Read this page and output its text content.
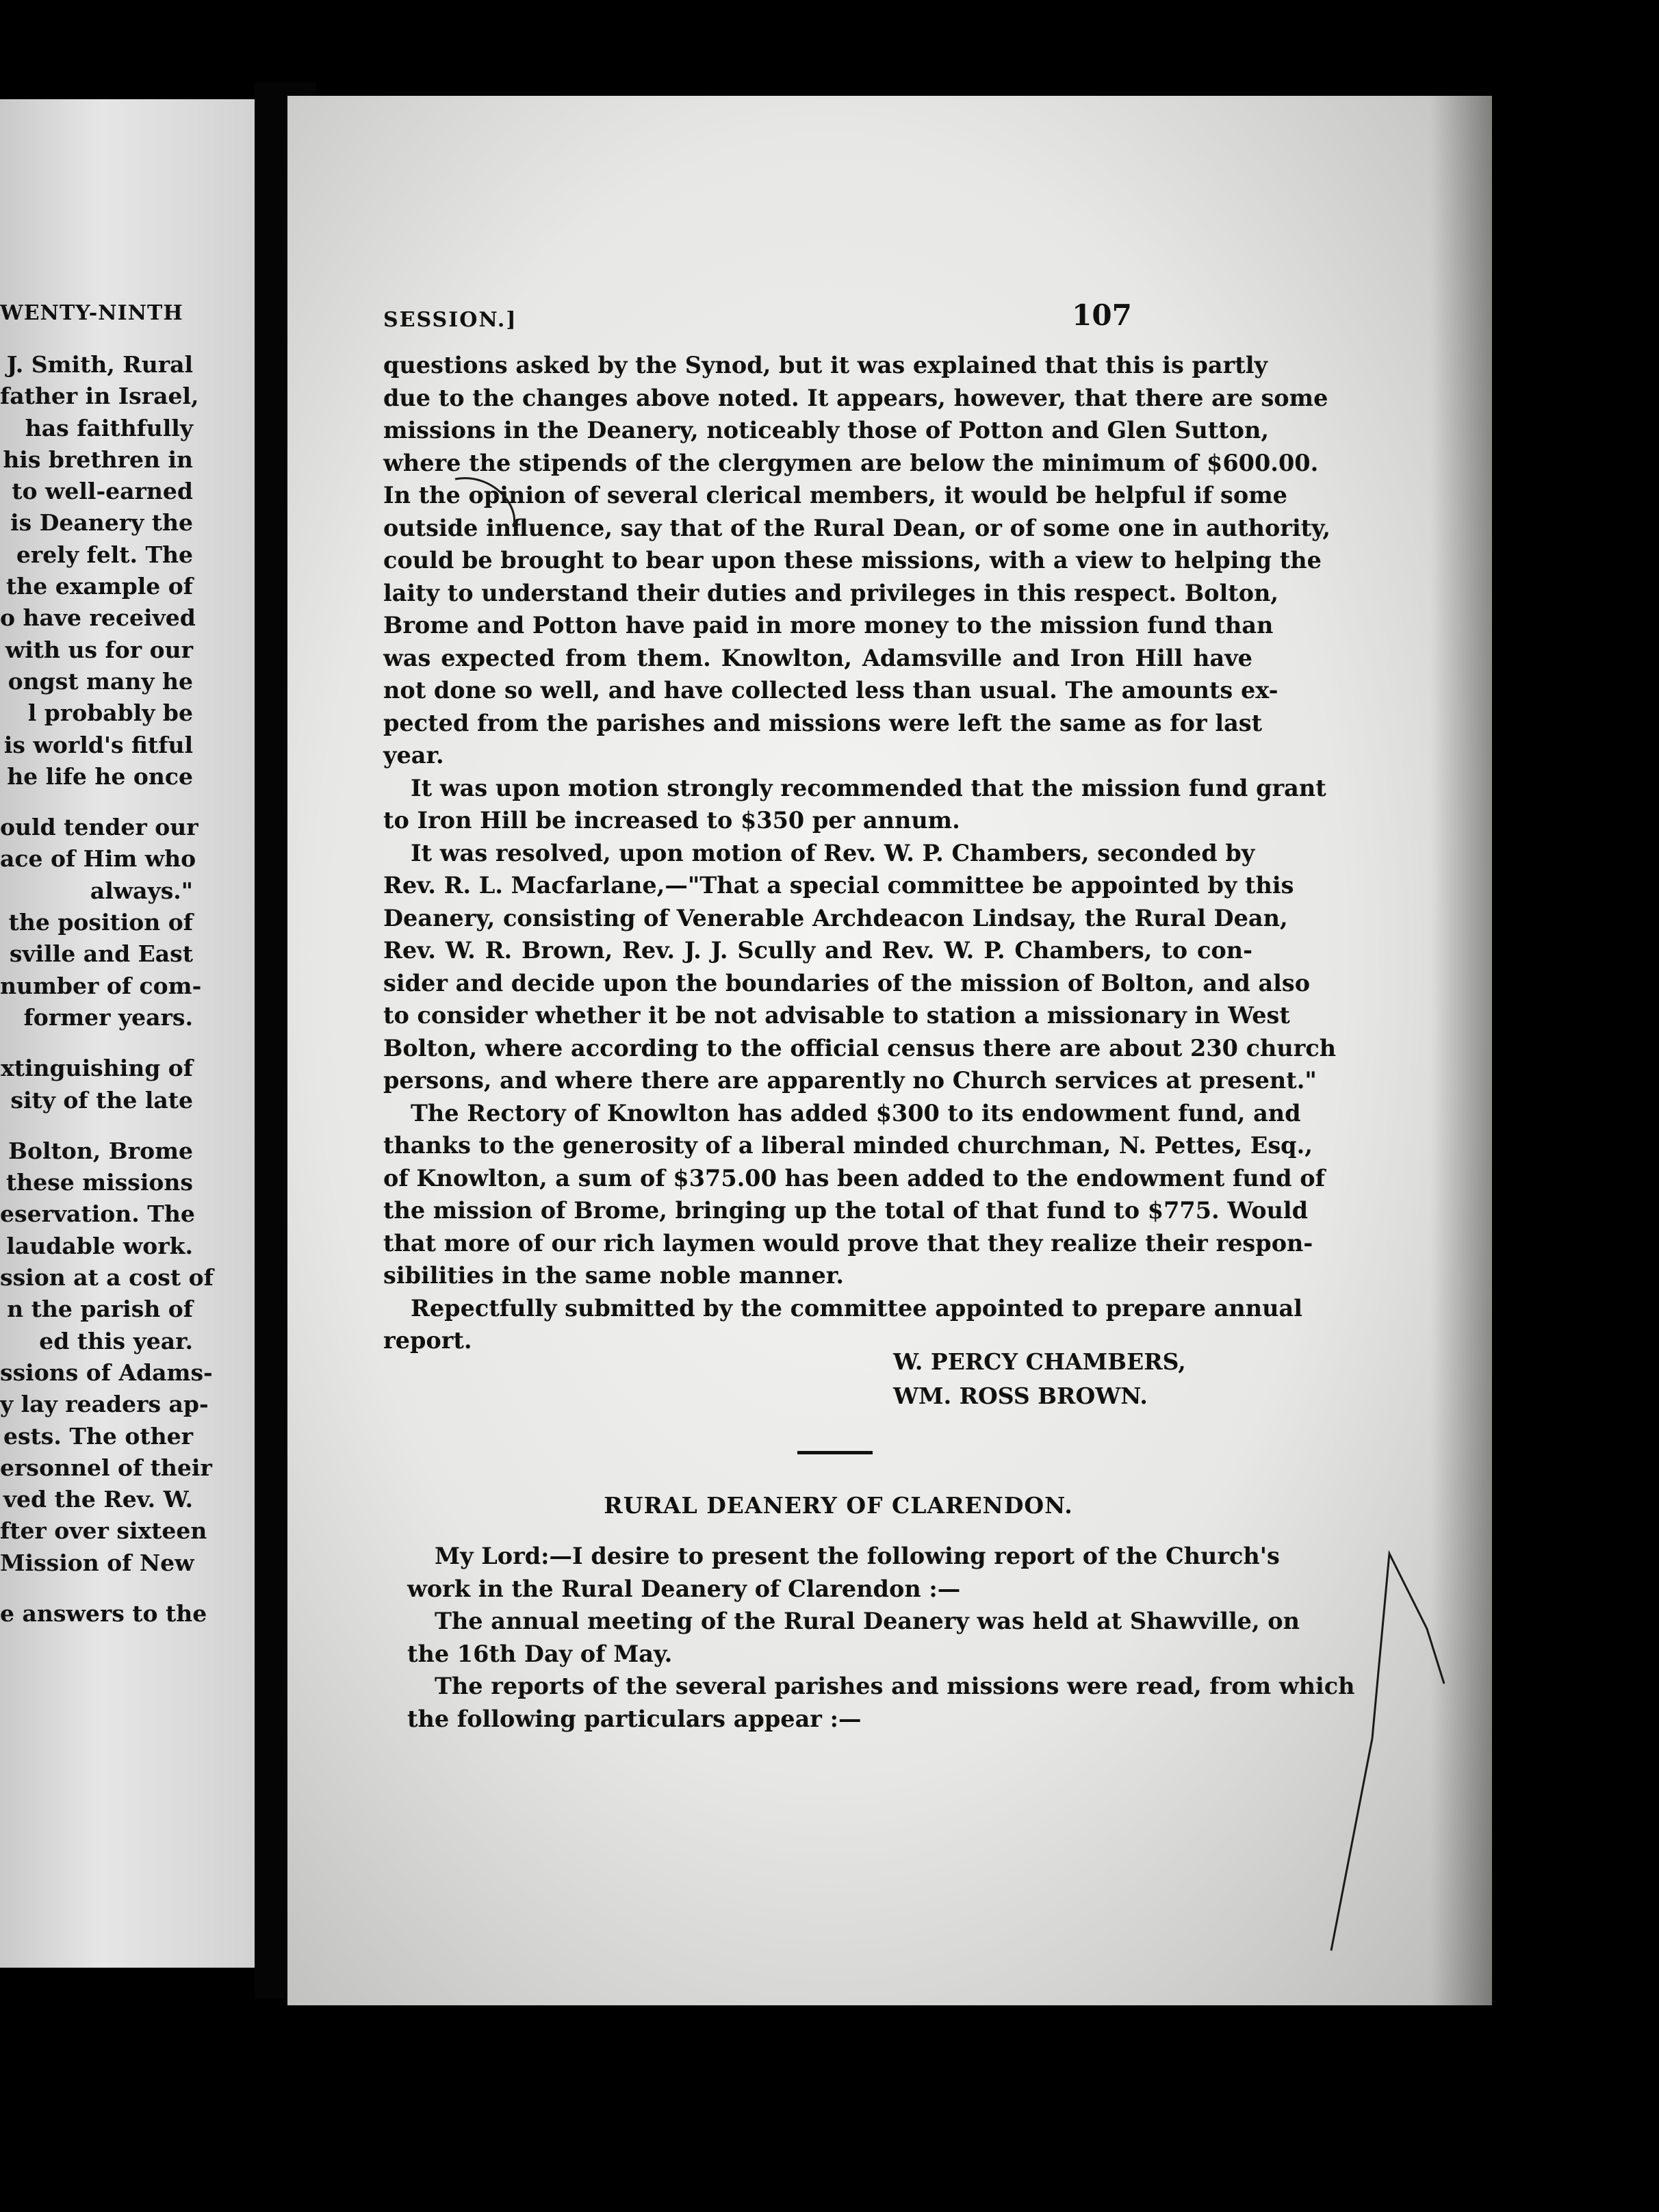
WENTY-NINTH
J. Smith, Rural
father in Israel,
has faithfully
his brethren in
to well-earned
is Deanery the
erely felt. The
the example of
o have received
with us for our
ongst many he
l probably be
is world's fitful
he life he once
ould tender our
ace of Him who
always."
the position of
sville and East
number of com-
former years.
xtinguishing of
sity of the late
Bolton, Brome
these missions
eservation. The
laudable work.
ssion at a cost of
n the parish of
ed this year.
ssions of Adams-
y lay readers ap-
ests. The other
ersonnel of their
ved the Rev. W.
fter over sixteen
Mission of New
e answers to the
SESSION.]	107
questions asked by the Synod, but it was explained that this is partly
due to the changes above noted. It appears, however, that there are some
missions in the Deanery, noticeably those of Potton and Glen Sutton,
where the stipends of the clergymen are below the minimum of $600.00.
In the opinion of several clerical members, it would be helpful if some
outside influence, say that of the Rural Dean, or of some one in authority,
could be brought to bear upon these missions, with a view to helping the
laity to understand their duties and privileges in this respect. Bolton,
Brome and Potton have paid in more money to the mission fund than
was expected from them. Knowlton, Adamsville and Iron Hill have
not done so well, and have collected less than usual. The amounts ex-
pected from the parishes and missions were left the same as for last
year.
It was upon motion strongly recommended that the mission fund grant
to Iron Hill be increased to $350 per annum.
It was resolved, upon motion of Rev. W. P. Chambers, seconded by
Rev. R. L. Macfarlane,—"That a special committee be appointed by this
Deanery, consisting of Venerable Archdeacon Lindsay, the Rural Dean,
Rev. W. R. Brown, Rev. J. J. Scully and Rev. W. P. Chambers, to con-
sider and decide upon the boundaries of the mission of Bolton, and also
to consider whether it be not advisable to station a missionary in West
Bolton, where according to the official census there are about 230 church
persons, and where there are apparently no Church services at present."
The Rectory of Knowlton has added $300 to its endowment fund, and
thanks to the generosity of a liberal minded churchman, N. Pettes, Esq.,
of Knowlton, a sum of $375.00 has been added to the endowment fund of
the mission of Brome, bringing up the total of that fund to $775. Would
that more of our rich laymen would prove that they realize their respon-
sibilities in the same noble manner.
Repectfully submitted by the committee appointed to prepare annual
report.
W. PERCY CHAMBERS,
WM. ROSS BROWN.
RURAL DEANERY OF CLARENDON.
My Lord:—I desire to present the following report of the Church's
work in the Rural Deanery of Clarendon :—
The annual meeting of the Rural Deanery was held at Shawville, on
the 16th Day of May.
The reports of the several parishes and missions were read, from which
the following particulars appear :—
